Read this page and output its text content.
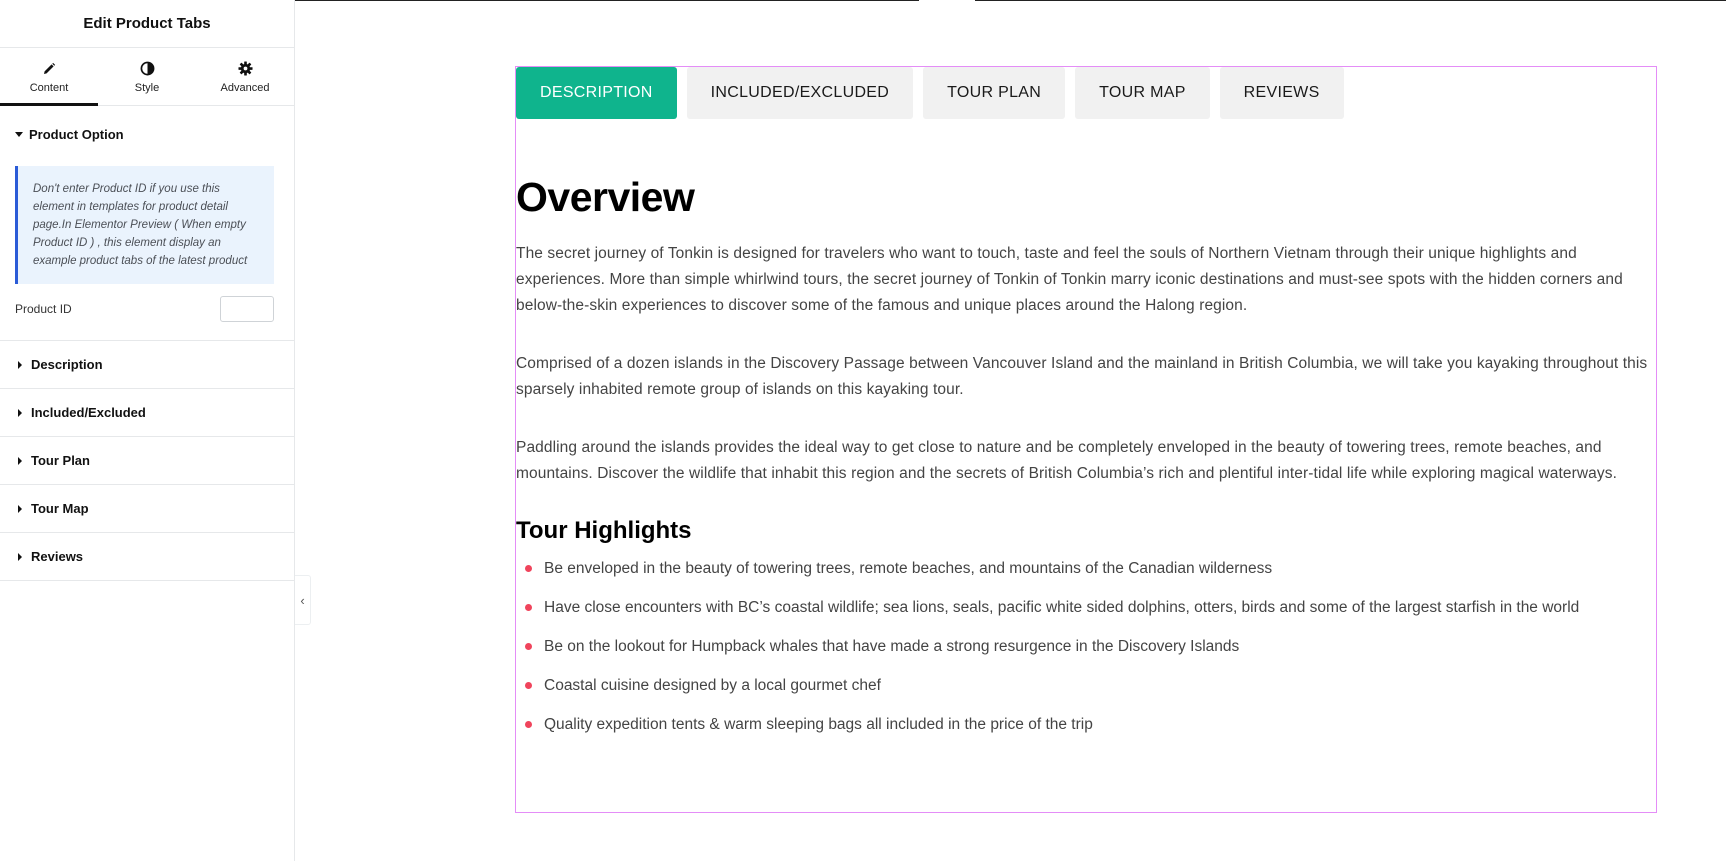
Edit Product Tabs
Content	Style	Advanced
Product Option
Don't enter Product ID if you use this element in templates for product detail page.In Elementor Preview ( When empty Product ID ) , this element display an example product tabs of the latest product
Product ID
Description
Included/Excluded
Tour Plan
Tour Map
Reviews
‹
DESCRIPTION	INCLUDED/EXCLUDED	TOUR PLAN	TOUR MAP	REVIEWS
Overview

The secret journey of Tonkin is designed for travelers who want to touch, taste and feel the souls of Northern Vietnam through their unique highlights and experiences. More than simple whirlwind tours, the secret journey of Tonkin of Tonkin marry iconic destinations and must-see spots with the hidden corners and below-the-skin experiences to discover some of the famous and unique places around the Halong region.

Comprised of a dozen islands in the Discovery Passage between Vancouver Island and the mainland in British Columbia, we will take you kayaking throughout this sparsely inhabited remote group of islands on this kayaking tour.

Paddling around the islands provides the ideal way to get close to nature and be completely enveloped in the beauty of towering trees, remote beaches, and mountains. Discover the wildlife that inhabit this region and the secrets of British Columbia’s rich and plentiful inter-tidal life while exploring magical waterways.

Tour Highlights
Be enveloped in the beauty of towering trees, remote beaches, and mountains of the Canadian wilderness
Have close encounters with BC’s coastal wildlife; sea lions, seals, pacific white sided dolphins, otters, birds and some of the largest starfish in the world
Be on the lookout for Humpback whales that have made a strong resurgence in the Discovery Islands
Coastal cuisine designed by a local gourmet chef
Quality expedition tents & warm sleeping bags all included in the price of the trip
